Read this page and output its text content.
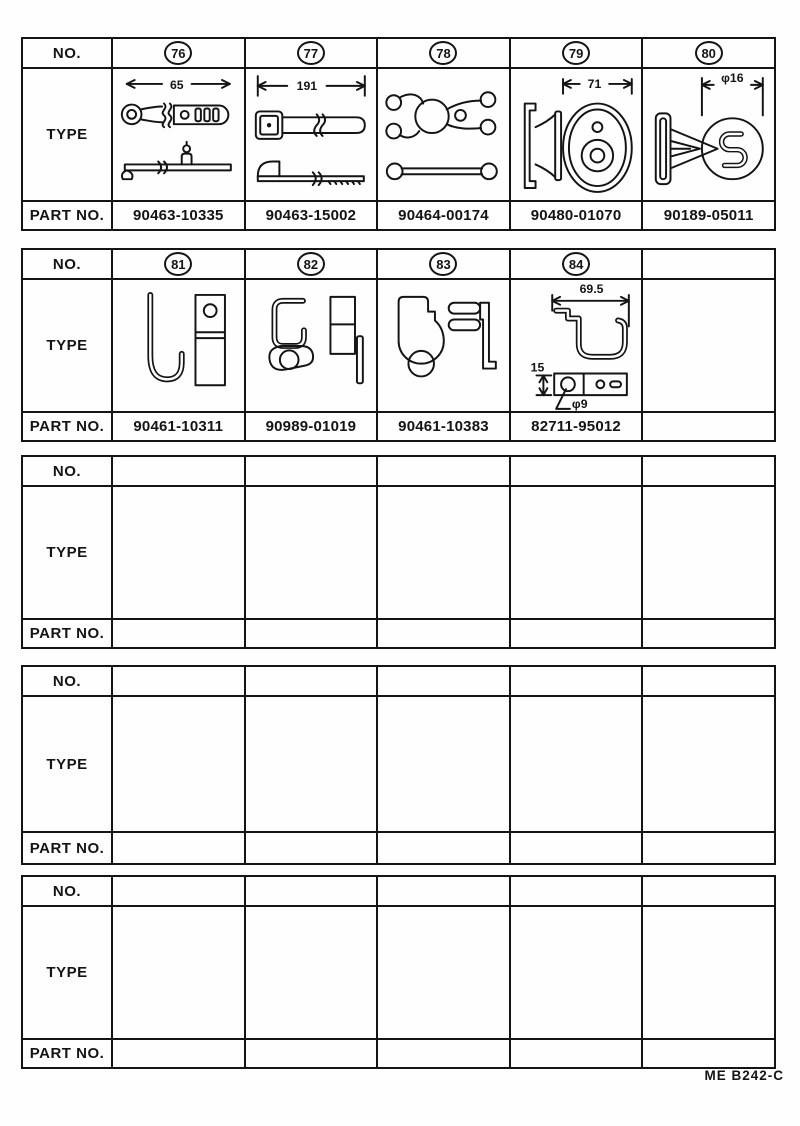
NO.	76	77	78	79	80
TYPE
65	191	71	φ16
PART NO.	90463-10335	90463-15002	90464-00174	90480-01070	90189-05011
NO.	81	82	83	84
TYPE
69.5
15
φ9
PART NO.	90461-10311	90989-01019	90461-10383	82711-95012
NO.
TYPE
PART NO.
NO.
TYPE
PART NO.
NO.
TYPE
PART NO.
ME B242-C
